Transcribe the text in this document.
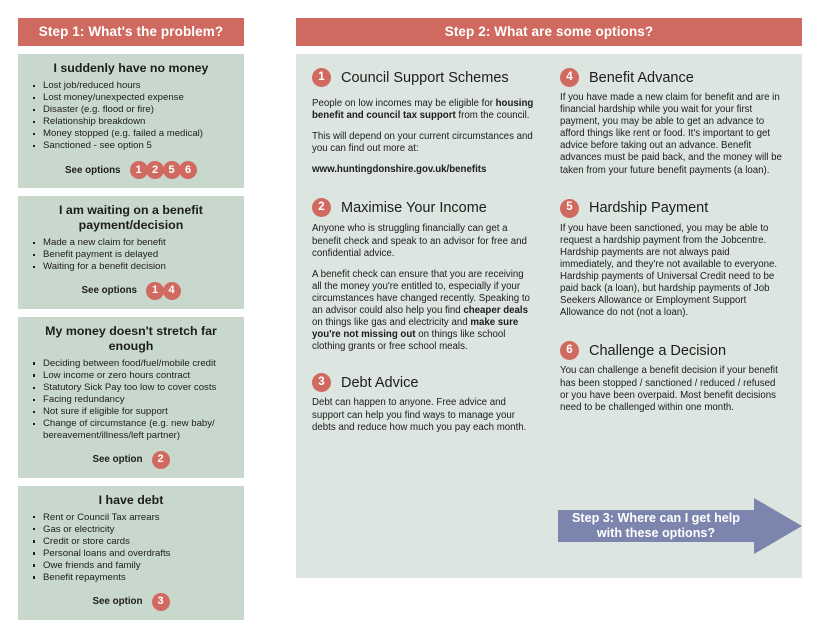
Step 1: What's the problem?
I suddenly have no money
Lost job/reduced hours
Lost money/unexpected expense
Disaster (e.g. flood or fire)
Relationship breakdown
Money stopped (e.g. failed a medical)
Sanctioned - see option 5
See options	1 2 5 6
I am waiting on a benefit payment/decision
Made a new claim for benefit
Benefit payment is delayed
Waiting for a benefit decision
See options	1 4
My money doesn't stretch far enough
Deciding between food/fuel/mobile credit
Low income or zero hours contract
Statutory Sick Pay too low to cover costs
Facing redundancy
Not sure if eligible for support
Change of circumstance (e.g. new baby/ bereavement/illness/left partner)
See option	2
I have debt
Rent or Council Tax arrears
Gas or electricity
Credit or store cards
Personal loans and overdrafts
Owe friends and family
Benefit repayments
See option	3
Step 2: What are some options?
1	Council Support Schemes

People on low incomes may be eligible for housing benefit and council tax support from the council.

This will depend on your current circumstances and you can find out more at:

www.huntingdonshire.gov.uk/benefits

2	Maximise Your Income

Anyone who is struggling financially can get a benefit check and speak to an advisor for free and confidential advice.

A benefit check can ensure that you are receiving all the money you're entitled to, especially if your circumstances have changed recently. Speaking to an advisor could also help you find cheaper deals on things like gas and electricity and make sure you're not missing out on things like school clothing grants or free school meals.

3	Debt Advice

Debt can happen to anyone. Free advice and support can help you find ways to manage your debts and reduce how much you pay each month.

4	Benefit Advance

If you have made a new claim for benefit and are in financial hardship while you wait for your first payment, you may be able to get an advance to afford things like rent or food. It's important to get advice before taking out an advance. Benefit advances must be paid back, and the money will be taken from your future benefit payments (a loan).

5	Hardship Payment

If you have been sanctioned, you may be able to request a hardship payment from the Jobcentre. Hardship payments are not always paid immediately, and they're not available to everyone. Hardship payments of Universal Credit need to be paid back (a loan), but hardship payments of Job Seekers Allowance or Employment Support Allowance do not (not a loan).

6	Challenge a Decision

You can challenge a benefit decision if your benefit has been stopped / sanctioned / reduced / refused or you have been overpaid. Most benefit decisions need to be challenged within one month.

Step 3: Where can I get help with these options?
